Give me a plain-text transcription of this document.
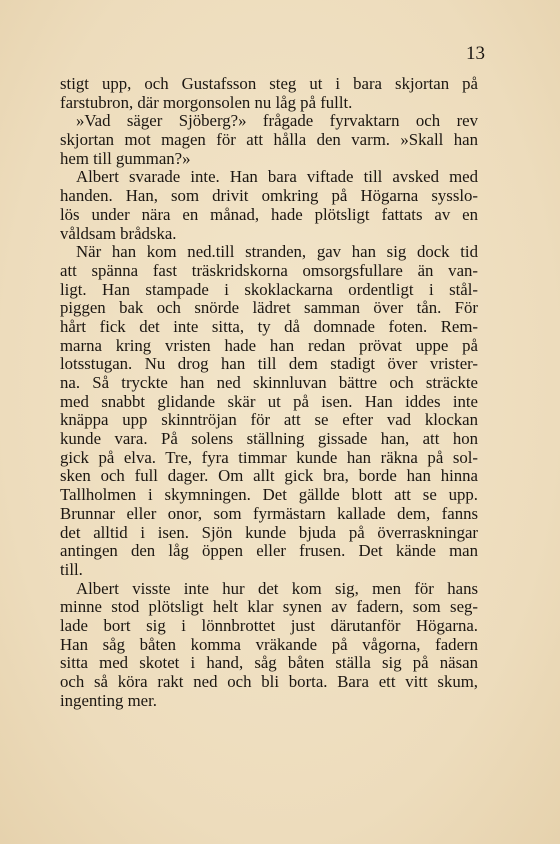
13
stigt upp, och Gustafsson steg ut i bara skjortan på
farstubron, där morgonsolen nu låg på fullt.
»Vad säger Sjöberg?» frågade fyrvaktarn och rev
skjortan mot magen för att hålla den varm. »Skall han
hem till gumman?»
Albert svarade inte. Han bara viftade till avsked med
handen. Han, som drivit omkring på Högarna sysslo-
lös under nära en månad, hade plötsligt fattats av en
våldsam brådska.
När han kom ned.till stranden, gav han sig dock tid
att spänna fast träskridskorna omsorgsfullare än van-
ligt. Han stampade i skoklackarna ordentligt i stål-
piggen bak och snörde lädret samman över tån. För
hårt fick det inte sitta, ty då domnade foten. Rem-
marna kring vristen hade han redan prövat uppe på
lotsstugan. Nu drog han till dem stadigt över vrister-
na. Så tryckte han ned skinnluvan bättre och sträckte
med snabbt glidande skär ut på isen. Han iddes inte
knäppa upp skinntröjan för att se efter vad klockan
kunde vara. På solens ställning gissade han, att hon
gick på elva. Tre, fyra timmar kunde han räkna på sol-
sken och full dager. Om allt gick bra, borde han hinna
Tallholmen i skymningen. Det gällde blott att se upp.
Brunnar eller onor, som fyrmästarn kallade dem, fanns
det alltid i isen. Sjön kunde bjuda på överraskningar
antingen den låg öppen eller frusen. Det kände man
till.
Albert visste inte hur det kom sig, men för hans
minne stod plötsligt helt klar synen av fadern, som seg-
lade bort sig i lönnbrottet just därutanför Högarna.
Han såg båten komma vräkande på vågorna, fadern
sitta med skotet i hand, såg båten ställa sig på näsan
och så köra rakt ned och bli borta. Bara ett vitt skum,
ingenting mer.
